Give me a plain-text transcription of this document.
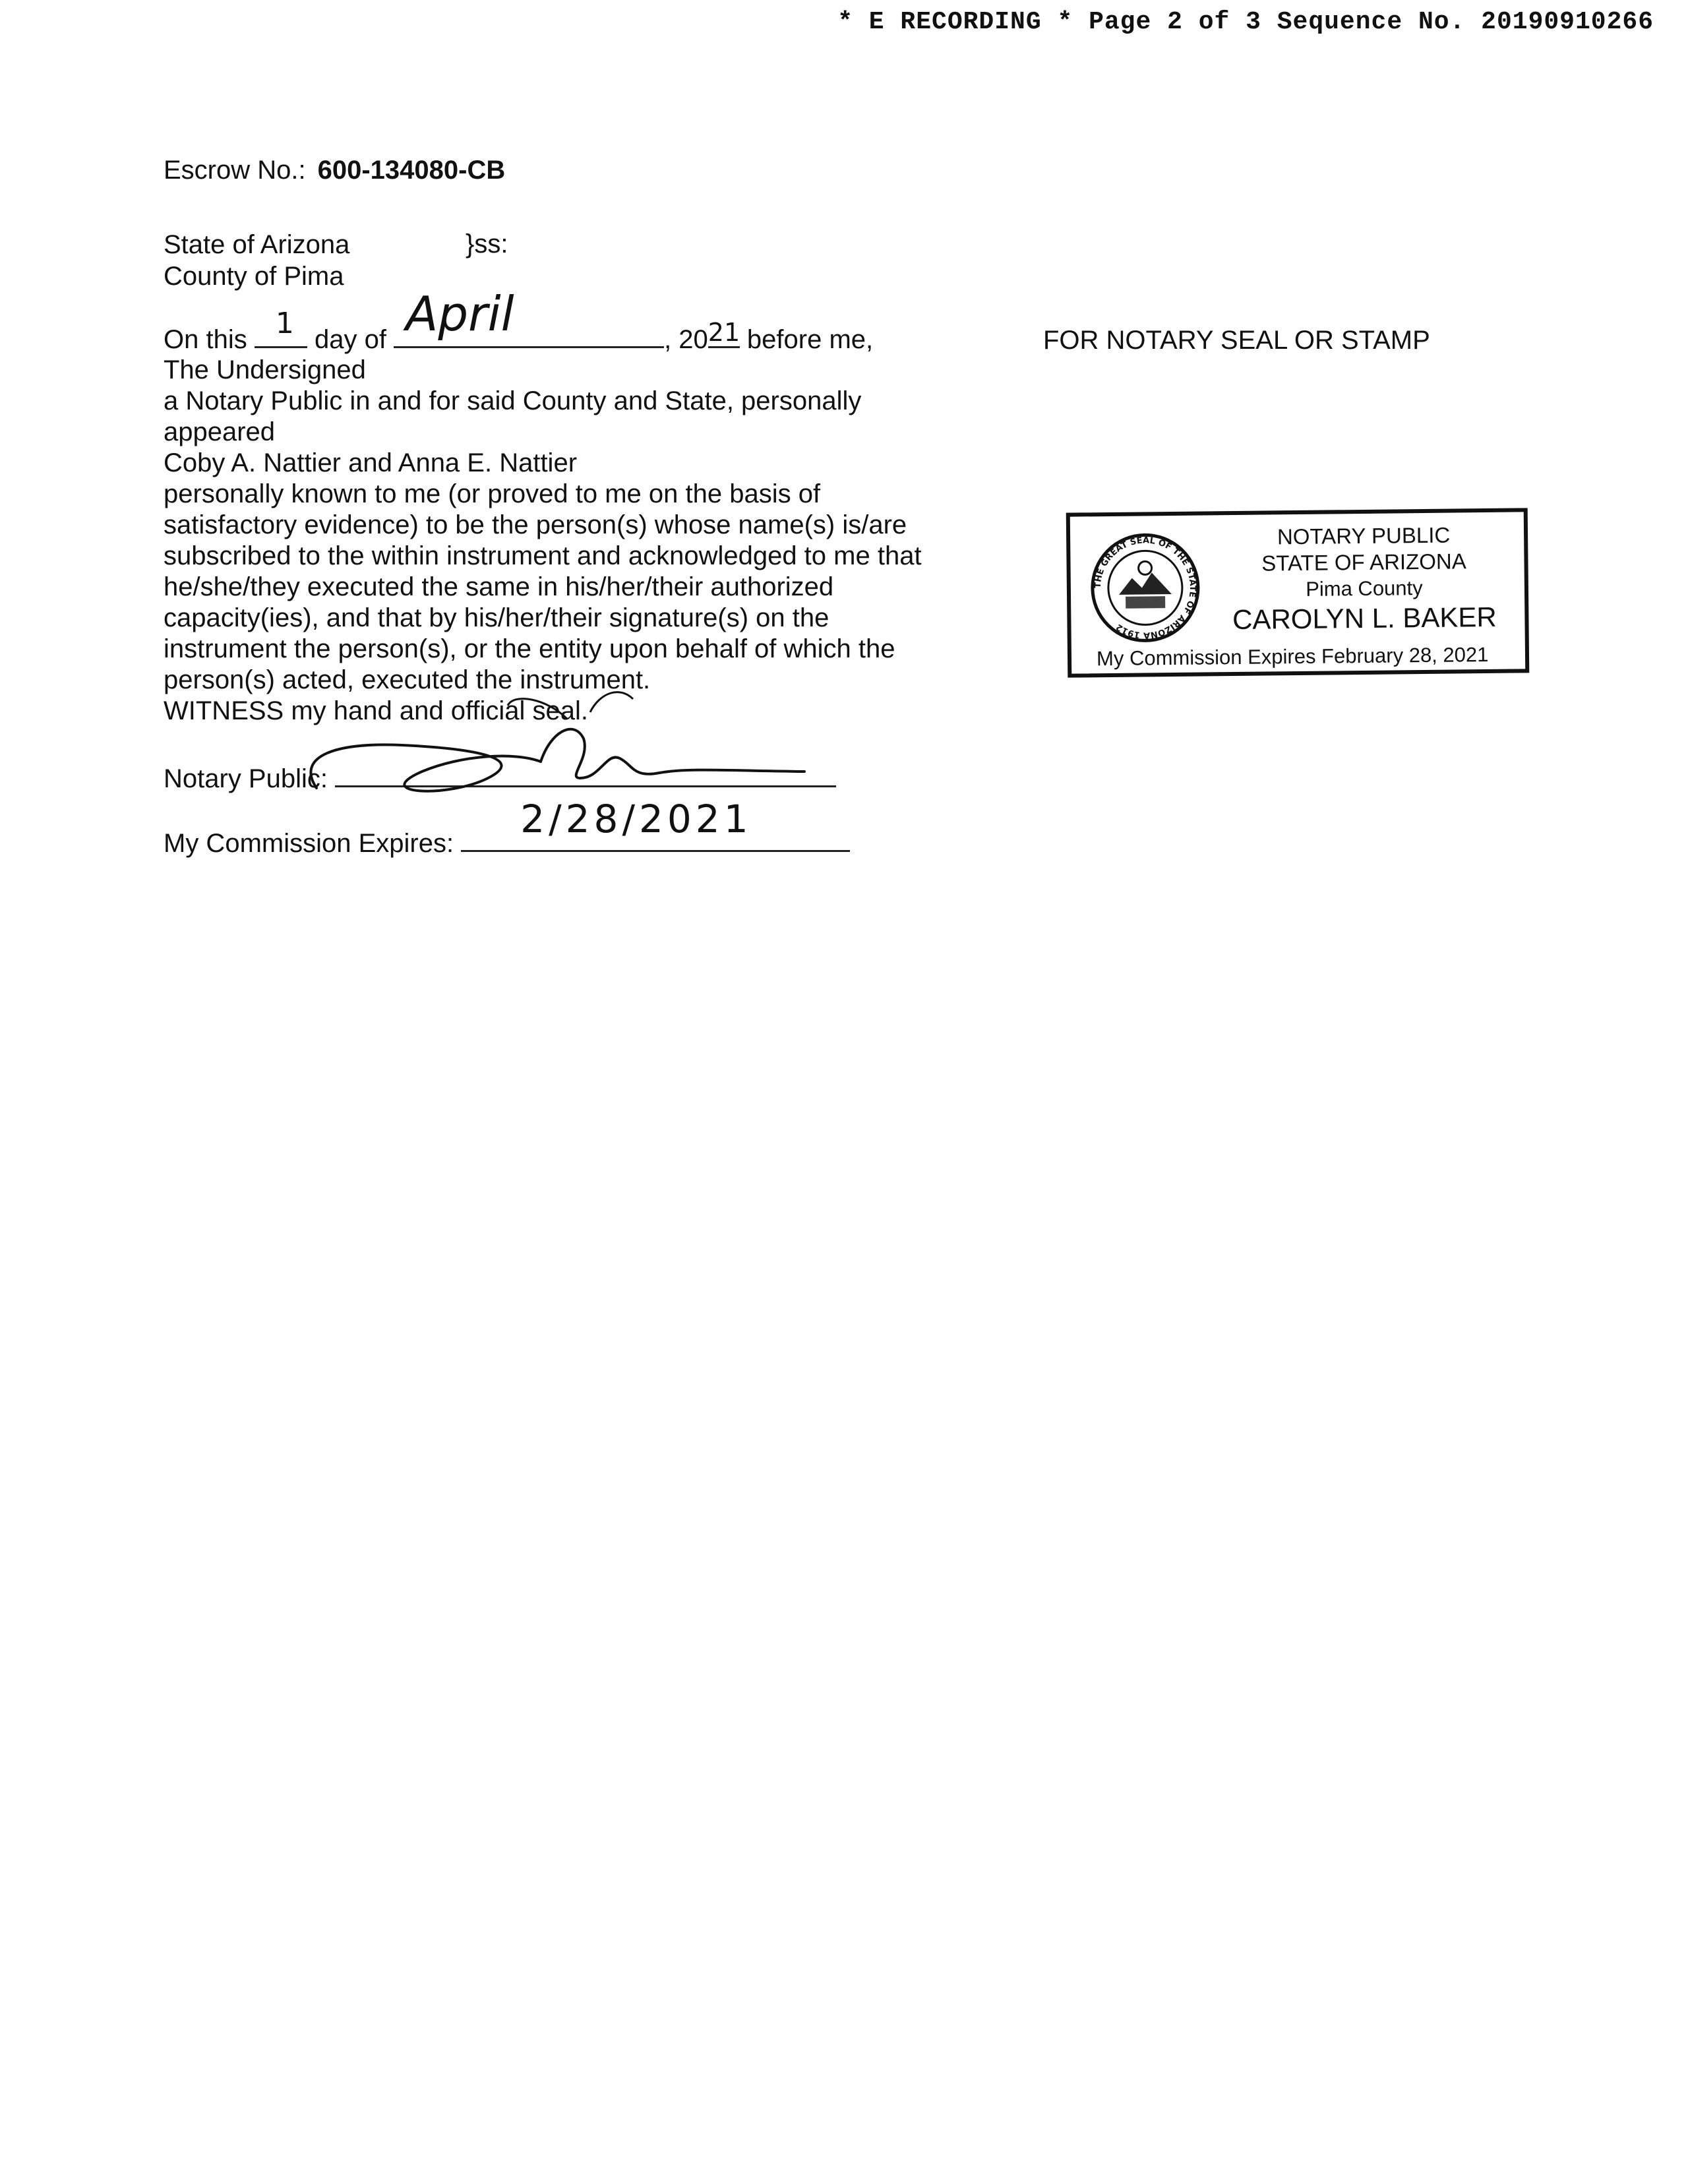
* E RECORDING * Page 2 of 3 Sequence No. 20190910266
Escrow No.: 600-134080-CB
State of Arizona	}ss:
County of Pima
On this 1 day of April	, 20 21 before me,
The Undersigned
a Notary Public in and for said County and State, personally
appeared
Coby A. Nattier and Anna E. Nattier
personally known to me (or proved to me on the basis of
satisfactory evidence) to be the person(s) whose name(s) is/are
subscribed to the within instrument and acknowledged to me that
he/she/they executed the same in his/her/their authorized
capacity(ies), and that by his/her/their signature(s) on the
instrument the person(s), or the entity upon behalf of which the
person(s) acted, executed the instrument.
WITNESS my hand and official seal.
Notary Public:
My Commission Expires:
2/28/2021
FOR NOTARY SEAL OR STAMP
THE GREAT SEAL OF THE STATE OF ARIZONA 1912
NOTARY PUBLIC
STATE OF ARIZONA
Pima County
CAROLYN L. BAKER
My Commission Expires February 28, 2021
